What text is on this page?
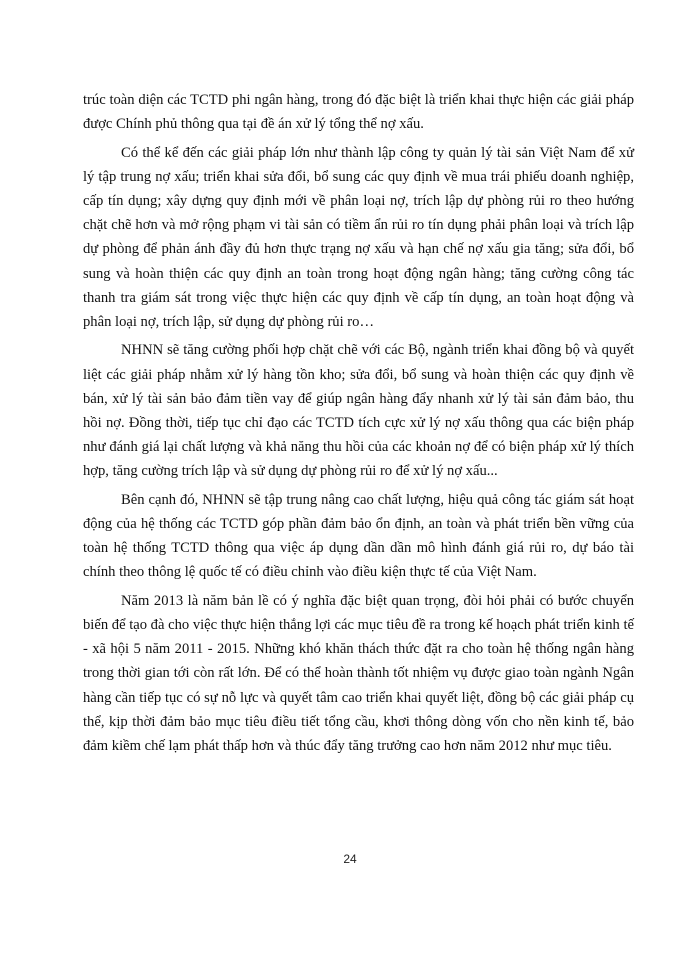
trúc toàn diện các TCTD phi ngân hàng, trong đó đặc biệt là triển khai thực hiện các giải pháp được Chính phủ thông qua tại đề án xử lý tổng thể nợ xấu.

Có thể kể đến các giải pháp lớn như thành lập công ty quản lý tài sản Việt Nam để xử lý tập trung nợ xấu; triển khai sửa đổi, bổ sung các quy định về mua trái phiếu doanh nghiệp, cấp tín dụng; xây dựng quy định mới về phân loại nợ, trích lập dự phòng rủi ro theo hướng chặt chẽ hơn và mở rộng phạm vi tài sản có tiềm ẩn rủi ro tín dụng phải phân loại và trích lập dự phòng để phản ánh đầy đủ hơn thực trạng nợ xấu và hạn chế nợ xấu gia tăng; sửa đổi, bổ sung và hoàn thiện các quy định an toàn trong hoạt động ngân hàng; tăng cường công tác thanh tra giám sát trong việc thực hiện các quy định về cấp tín dụng, an toàn hoạt động và phân loại nợ, trích lập, sử dụng dự phòng rủi ro…

NHNN sẽ tăng cường phối hợp chặt chẽ với các Bộ, ngành triển khai đồng bộ và quyết liệt các giải pháp nhằm xử lý hàng tồn kho; sửa đổi, bổ sung và hoàn thiện các quy định về bán, xử lý tài sản bảo đảm tiền vay để giúp ngân hàng đẩy nhanh xử lý tài sản đảm bảo, thu hồi nợ. Đồng thời, tiếp tục chỉ đạo các TCTD tích cực xử lý nợ xấu thông qua các biện pháp như đánh giá lại chất lượng và khả năng thu hồi của các khoản nợ để có biện pháp xử lý thích hợp, tăng cường trích lập và sử dụng dự phòng rủi ro để xử lý nợ xấu...

Bên cạnh đó, NHNN sẽ tập trung nâng cao chất lượng, hiệu quả công tác giám sát hoạt động của hệ thống các TCTD góp phần đảm bảo ổn định, an toàn và phát triển bền vững của toàn hệ thống TCTD thông qua việc áp dụng dần dần mô hình đánh giá rủi ro, dự báo tài chính theo thông lệ quốc tế có điều chỉnh vào điều kiện thực tế của Việt Nam.

Năm 2013 là năm bản lề có ý nghĩa đặc biệt quan trọng, đòi hỏi phải có bước chuyển biến để tạo đà cho việc thực hiện thắng lợi các mục tiêu đề ra trong kế hoạch phát triển kinh tế - xã hội 5 năm 2011 - 2015. Những khó khăn thách thức đặt ra cho toàn hệ thống ngân hàng trong thời gian tới còn rất lớn. Để có thể hoàn thành tốt nhiệm vụ được giao toàn ngành Ngân hàng cần tiếp tục có sự nỗ lực và quyết tâm cao triển khai quyết liệt, đồng bộ các giải pháp cụ thể, kịp thời đảm bảo mục tiêu điều tiết tổng cầu, khơi thông dòng vốn cho nền kinh tế, bảo đảm kiềm chế lạm phát thấp hơn và thúc đẩy tăng trưởng cao hơn năm 2012 như mục tiêu.

24
